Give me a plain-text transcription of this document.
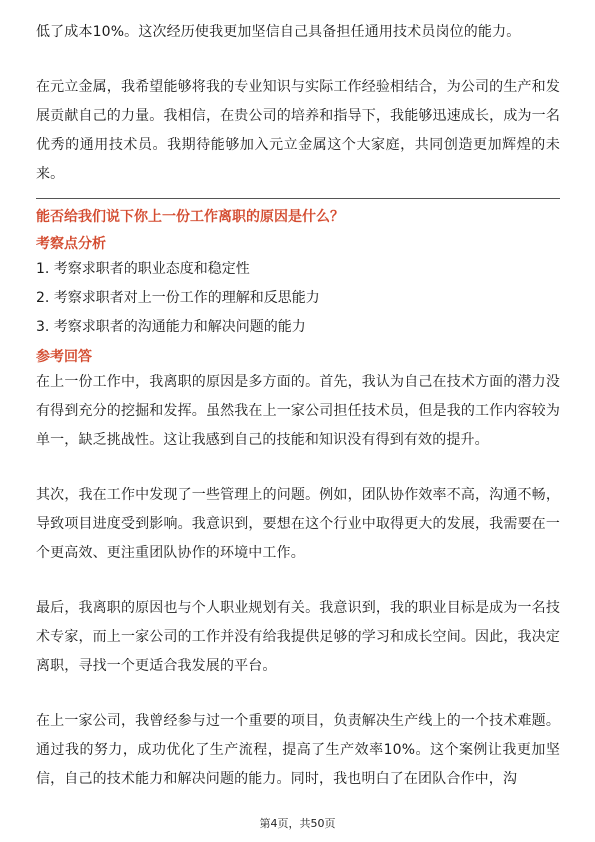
低了成本10%。这次经历使我更加坚信自己具备担任通用技术员岗位的能力。

在元立金属，我希望能够将我的专业知识与实际工作经验相结合，为公司的生产和发展贡献自己的力量。我相信，在贵公司的培养和指导下，我能够迅速成长，成为一名优秀的通用技术员。我期待能够加入元立金属这个大家庭，共同创造更加辉煌的未来。

能否给我们说下你上一份工作离职的原因是什么？

考察点分析

1. 考察求职者的职业态度和稳定性

2. 考察求职者对上一份工作的理解和反思能力

3. 考察求职者的沟通能力和解决问题的能力

参考回答

在上一份工作中，我离职的原因是多方面的。首先，我认为自己在技术方面的潜力没有得到充分的挖掘和发挥。虽然我在上一家公司担任技术员，但是我的工作内容较为单一，缺乏挑战性。这让我感到自己的技能和知识没有得到有效的提升。

其次，我在工作中发现了一些管理上的问题。例如，团队协作效率不高，沟通不畅，导致项目进度受到影响。我意识到，要想在这个行业中取得更大的发展，我需要在一个更高效、更注重团队协作的环境中工作。

最后，我离职的原因也与个人职业规划有关。我意识到，我的职业目标是成为一名技术专家，而上一家公司的工作并没有给我提供足够的学习和成长空间。因此，我决定离职，寻找一个更适合我发展的平台。

在上一家公司，我曾经参与过一个重要的项目，负责解决生产线上的一个技术难题。通过我的努力，成功优化了生产流程，提高了生产效率10%。这个案例让我更加坚信，自己的技术能力和解决问题的能力。同时，我也明白了在团队合作中，沟

第4页，共50页
